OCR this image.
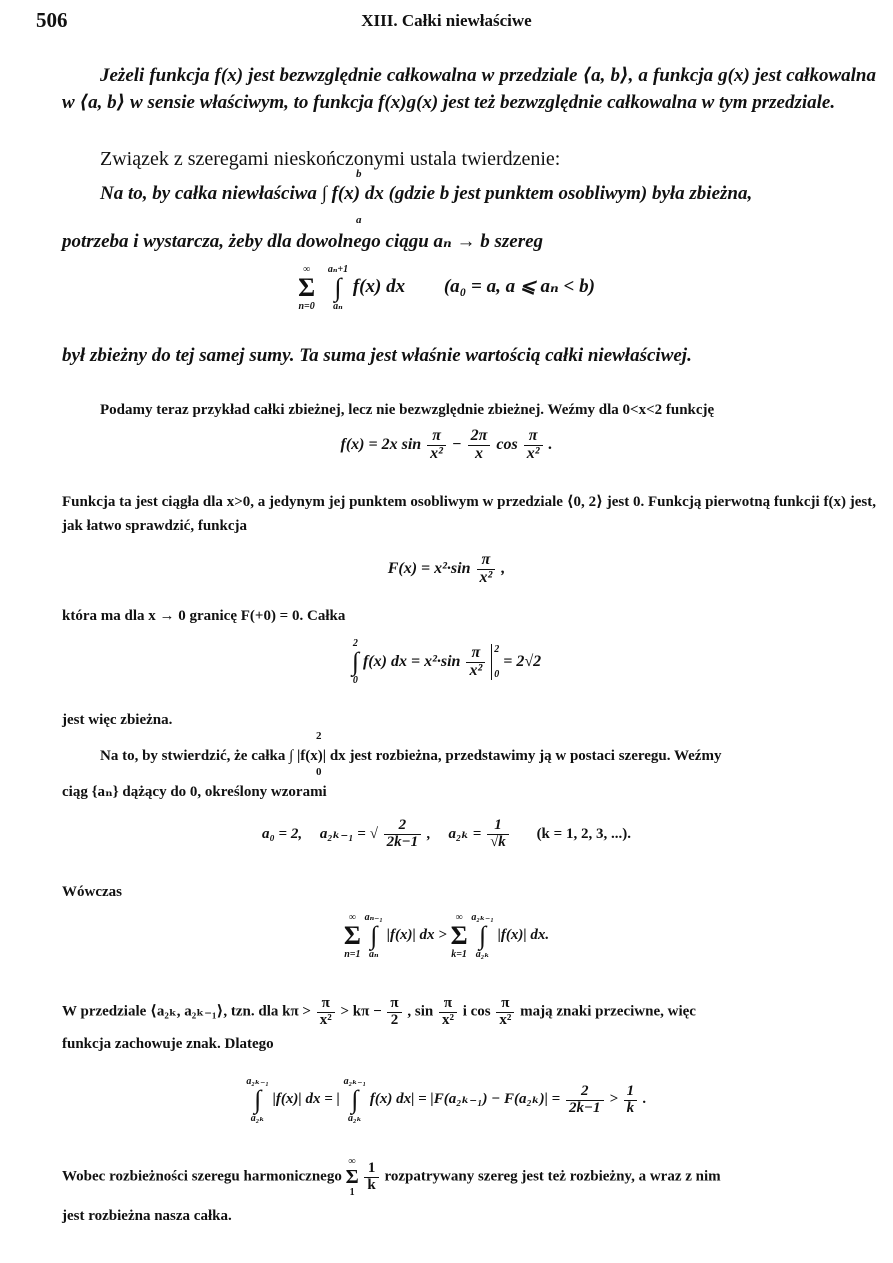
506	XIII. Całki niewłaściwe
Jeżeli funkcja f(x) jest bezwzględnie całkowalna w przedziale ⟨a, b⟩, a funkcja g(x) jest całkowalna w ⟨a, b⟩ w sensie właściwym, to funkcja f(x)g(x) jest też bezwzględnie całkowalna w tym przedziale.
Związek z szeregami nieskończonymi ustala twierdzenie:
Na to, by całka niewłaściwa ∫ f(x) dx (gdzie b jest punktem osobliwym) była zbieżna,
b
a
potrzeba i wystarcza, żeby dla dowolnego ciągu aₙ → b szereg
∞
Σ
n=0 aₙ+1
∫
aₙ f(x) dx (a₀ = a, a ⩽ aₙ < b)
był zbieżny do tej samej sumy. Ta suma jest właśnie wartością całki niewłaściwej.
Podamy teraz przykład całki zbieżnej, lecz nie bezwzględnie zbieżnej. Weźmy dla 0<x<2 funkcję
f(x) = 2x $\sin \frac{\pi}{\text{x²}} - \frac{2\pi}{x}$ $\cos \frac{\pi}{\text{x²}}$ .
Funkcja ta jest ciągła dla x>0, a jedynym jej punktem osobliwym w przedziale ⟨0, 2⟩ jest 0. Funkcją pierwotną funkcji f(x) jest, jak łatwo sprawdzić, funkcja
$F(x) = x^2\cdot\sin \frac{\pi}{\text{x²}}$ ,
która ma dla x → 0 granicę F(+0) = 0. Całka
2
∫
0 f(x) dx = $x^2\cdot\sin \frac{\pi}{\text{x²}} 2$
0 = 2√2
jest więc zbieżna.
Na to, by stwierdzić, że całka ∫ |f(x)| dx jest rozbieżna, przedstawimy ją w postaci szeregu. Weźmy
2
0
ciąg {aₙ} dążący do 0, określony wzorami
a₀ = 2, a₂ₖ₋₁ = √ $\frac{2}{2k-1}$ , $a_{2k} = \frac{1}{√k} (k = 1$, 2, 3, ...).
Wówczas
∞
Σ
n=1 aₙ₋₁
∫
aₙ |f(x)| dx > ∞
Σ
k=1 a₂ₖ₋₁
∫
a₂ₖ |f(x)| dx.
W przedziale ⟨a₂ₖ, a₂ₖ₋₁⟩, tzn. dla $k\pi > \frac{\pi}{\text{x²}} > k\pi - \frac{\pi}{2}$ , $\sin \frac{\pi}{\text{x²}}$ i $\cos \frac{\pi}{\text{x²}}$ mają znaki przeciwne, więc
funkcja zachowuje znak. Dlatego
a₂ₖ₋₁
∫
a₂ₖ |f(x)| dx = | a₂ₖ₋₁
∫
a₂ₖ f(x) $dx| = |F(a_{2k-1}) - F(a_{2k})| = \frac{2}{2k-1} > \frac{1}{k}$ .
Wobec rozbieżności szeregu harmonicznego ∞
Σ
$1 \frac{1}{k}$ rozpatrywany szereg jest też rozbieżny, a wraz z nim
jest rozbieżna nasza całka.
